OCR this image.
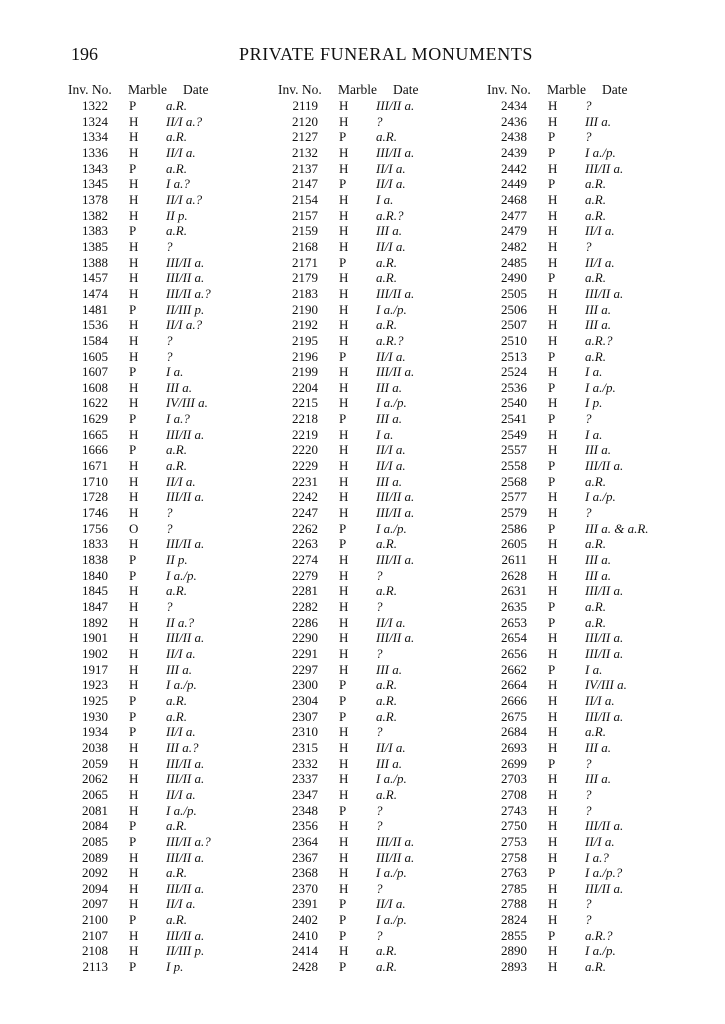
196	PRIVATE FUNERAL MONUMENTS
Inv. No. Marble Date
1322 P a.R.
1324 H II/I a.?
1334 H a.R.
1336 H II/I a.
1343 P a.R.
1345 H I a.?
1378 H II/I a.?
1382 H II p.
1383 P a.R.
1385 H ?
1388 H III/II a.
1457 H III/II a.
1474 H III/II a.?
1481 P II/III p.
1536 H II/I a.?
1584 H ?
1605 H ?
1607 P I a.
1608 H III a.
1622 H IV/III a.
1629 P I a.?
1665 H III/II a.
1666 P a.R.
1671 H a.R.
1710 H II/I a.
1728 H III/II a.
1746 H ?
1756 O ?
1833 H III/II a.
1838 P II p.
1840 P I a./p.
1845 H a.R.
1847 H ?
1892 H II a.?
1901 H III/II a.
1902 H II/I a.
1917 H III a.
1923 H I a./p.
1925 P a.R.
1930 P a.R.
1934 P II/I a.
2038 H III a.?
2059 H III/II a.
2062 H III/II a.
2065 H II/I a.
2081 H I a./p.
2084 P a.R.
2085 P III/II a.?
2089 H III/II a.
2092 H a.R.
2094 H III/II a.
2097 H II/I a.
2100 P a.R.
2107 H III/II a.
2108 H II/III p.
2113 P I p.
Inv. No. Marble Date
2119 H III/II a.
2120 H ?
2127 P a.R.
2132 H III/II a.
2137 H II/I a.
2147 P II/I a.
2154 H I a.
2157 H a.R.?
2159 H III a.
2168 H II/I a.
2171 P a.R.
2179 H a.R.
2183 H III/II a.
2190 H I a./p.
2192 H a.R.
2195 H a.R.?
2196 P II/I a.
2199 H III/II a.
2204 H III a.
2215 H I a./p.
2218 P III a.
2219 H I a.
2220 H II/I a.
2229 H II/I a.
2231 H III a.
2242 H III/II a.
2247 H III/II a.
2262 P I a./p.
2263 P a.R.
2274 H III/II a.
2279 H ?
2281 H a.R.
2282 H ?
2286 H II/I a.
2290 H III/II a.
2291 H ?
2297 H III a.
2300 P a.R.
2304 P a.R.
2307 P a.R.
2310 H ?
2315 H II/I a.
2332 H III a.
2337 H I a./p.
2347 H a.R.
2348 P ?
2356 H ?
2364 H III/II a.
2367 H III/II a.
2368 H I a./p.
2370 H ?
2391 P II/I a.
2402 P I a./p.
2410 P ?
2414 H a.R.
2428 P a.R.
Inv. No. Marble Date
2434 H ?
2436 H III a.
2438 P ?
2439 P I a./p.
2442 H III/II a.
2449 P a.R.
2468 H a.R.
2477 H a.R.
2479 H II/I a.
2482 H ?
2485 H II/I a.
2490 P a.R.
2505 H III/II a.
2506 H III a.
2507 H III a.
2510 H a.R.?
2513 P a.R.
2524 H I a.
2536 P I a./p.
2540 H I p.
2541 P ?
2549 H I a.
2557 H III a.
2558 P III/II a.
2568 P a.R.
2577 H I a./p.
2579 H ?
2586 P III a. & a.R.
2605 H a.R.
2611 H III a.
2628 H III a.
2631 H III/II a.
2635 P a.R.
2653 P a.R.
2654 H III/II a.
2656 H III/II a.
2662 P I a.
2664 H IV/III a.
2666 H II/I a.
2675 H III/II a.
2684 H a.R.
2693 H III a.
2699 P ?
2703 H III a.
2708 H ?
2743 H ?
2750 H III/II a.
2753 H II/I a.
2758 H I a.?
2763 P I a./p.?
2785 H III/II a.
2788 H ?
2824 H ?
2855 P a.R.?
2890 H I a./p.
2893 H a.R.
